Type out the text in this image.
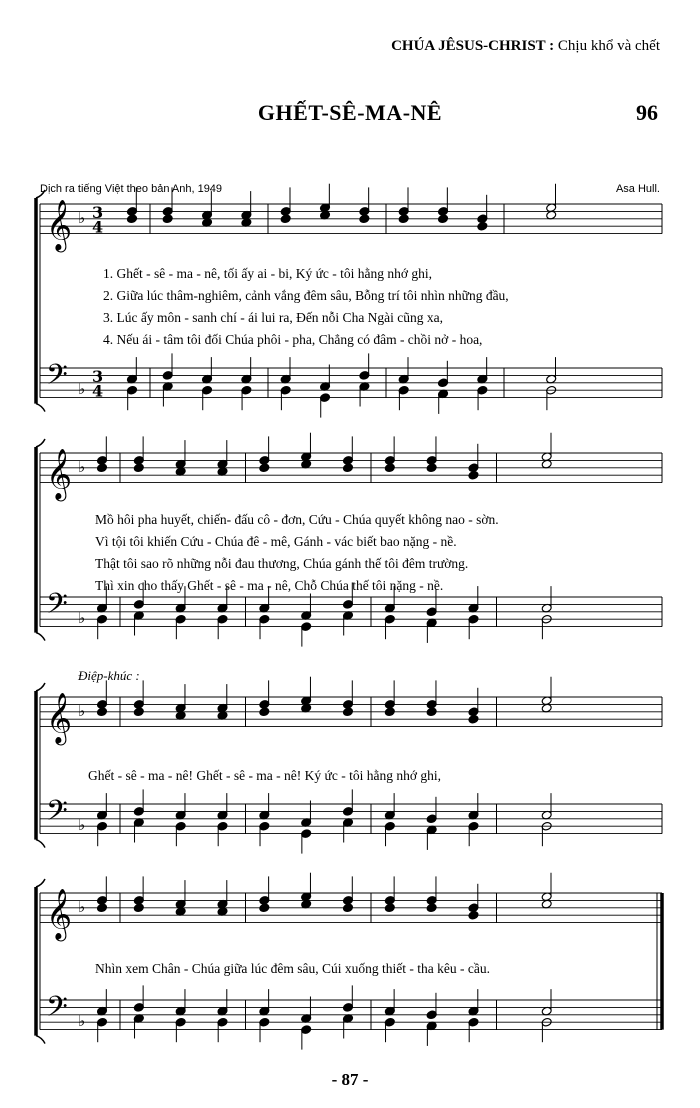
CHÚA JÊSUS-CHRIST : Chịu khổ và chết
GHẾT-SÊ-MA-NÊ	96
Dịch ra tiếng Việt theo bản Anh, 1949	Asa Hull.
1. Ghết - sê - ma - nê, tối ấy ai - bi, Ký ức - tôi hằng nhớ ghi,
2. Giữa lúc thâm-nghiêm, cảnh vắng đêm sâu, Bỗng trí tôi nhìn những đầu,
3. Lúc ấy môn - sanh chí - ái lui ra, Đến nỗi Cha Ngài cũng xa,
4. Nếu ái - tâm tôi đối Chúa phôi - pha, Chẳng có đâm - chồi nở - hoa,
Mồ hôi pha huyết, chiến- đấu cô - đơn, Cứu - Chúa quyết không nao - sờn.
Vì tội tôi khiến Cứu - Chúa đê - mê, Gánh - vác biết bao nặng - nề.
Thật tôi sao rõ những nỗi đau thương, Chúa gánh thế tôi đêm trường.
Thì xin cho thấy Ghết - sê - ma - nê, Chỗ Chúa thế tôi nặng - nề.
Điệp-khúc :
Ghết - sê - ma - nê! Ghết - sê - ma - nê! Ký ức - tôi hằng nhớ ghi,
Nhìn xem Chân - Chúa giữa lúc đêm sâu, Cúi xuống thiết - tha kêu - cầu.
- 87 -
𝄞
𝄢
♭
♭
3
4
3
4
𝄞
𝄢
♭
♭
𝄞
𝄢
♭
♭
𝄞
𝄢
♭
♭
